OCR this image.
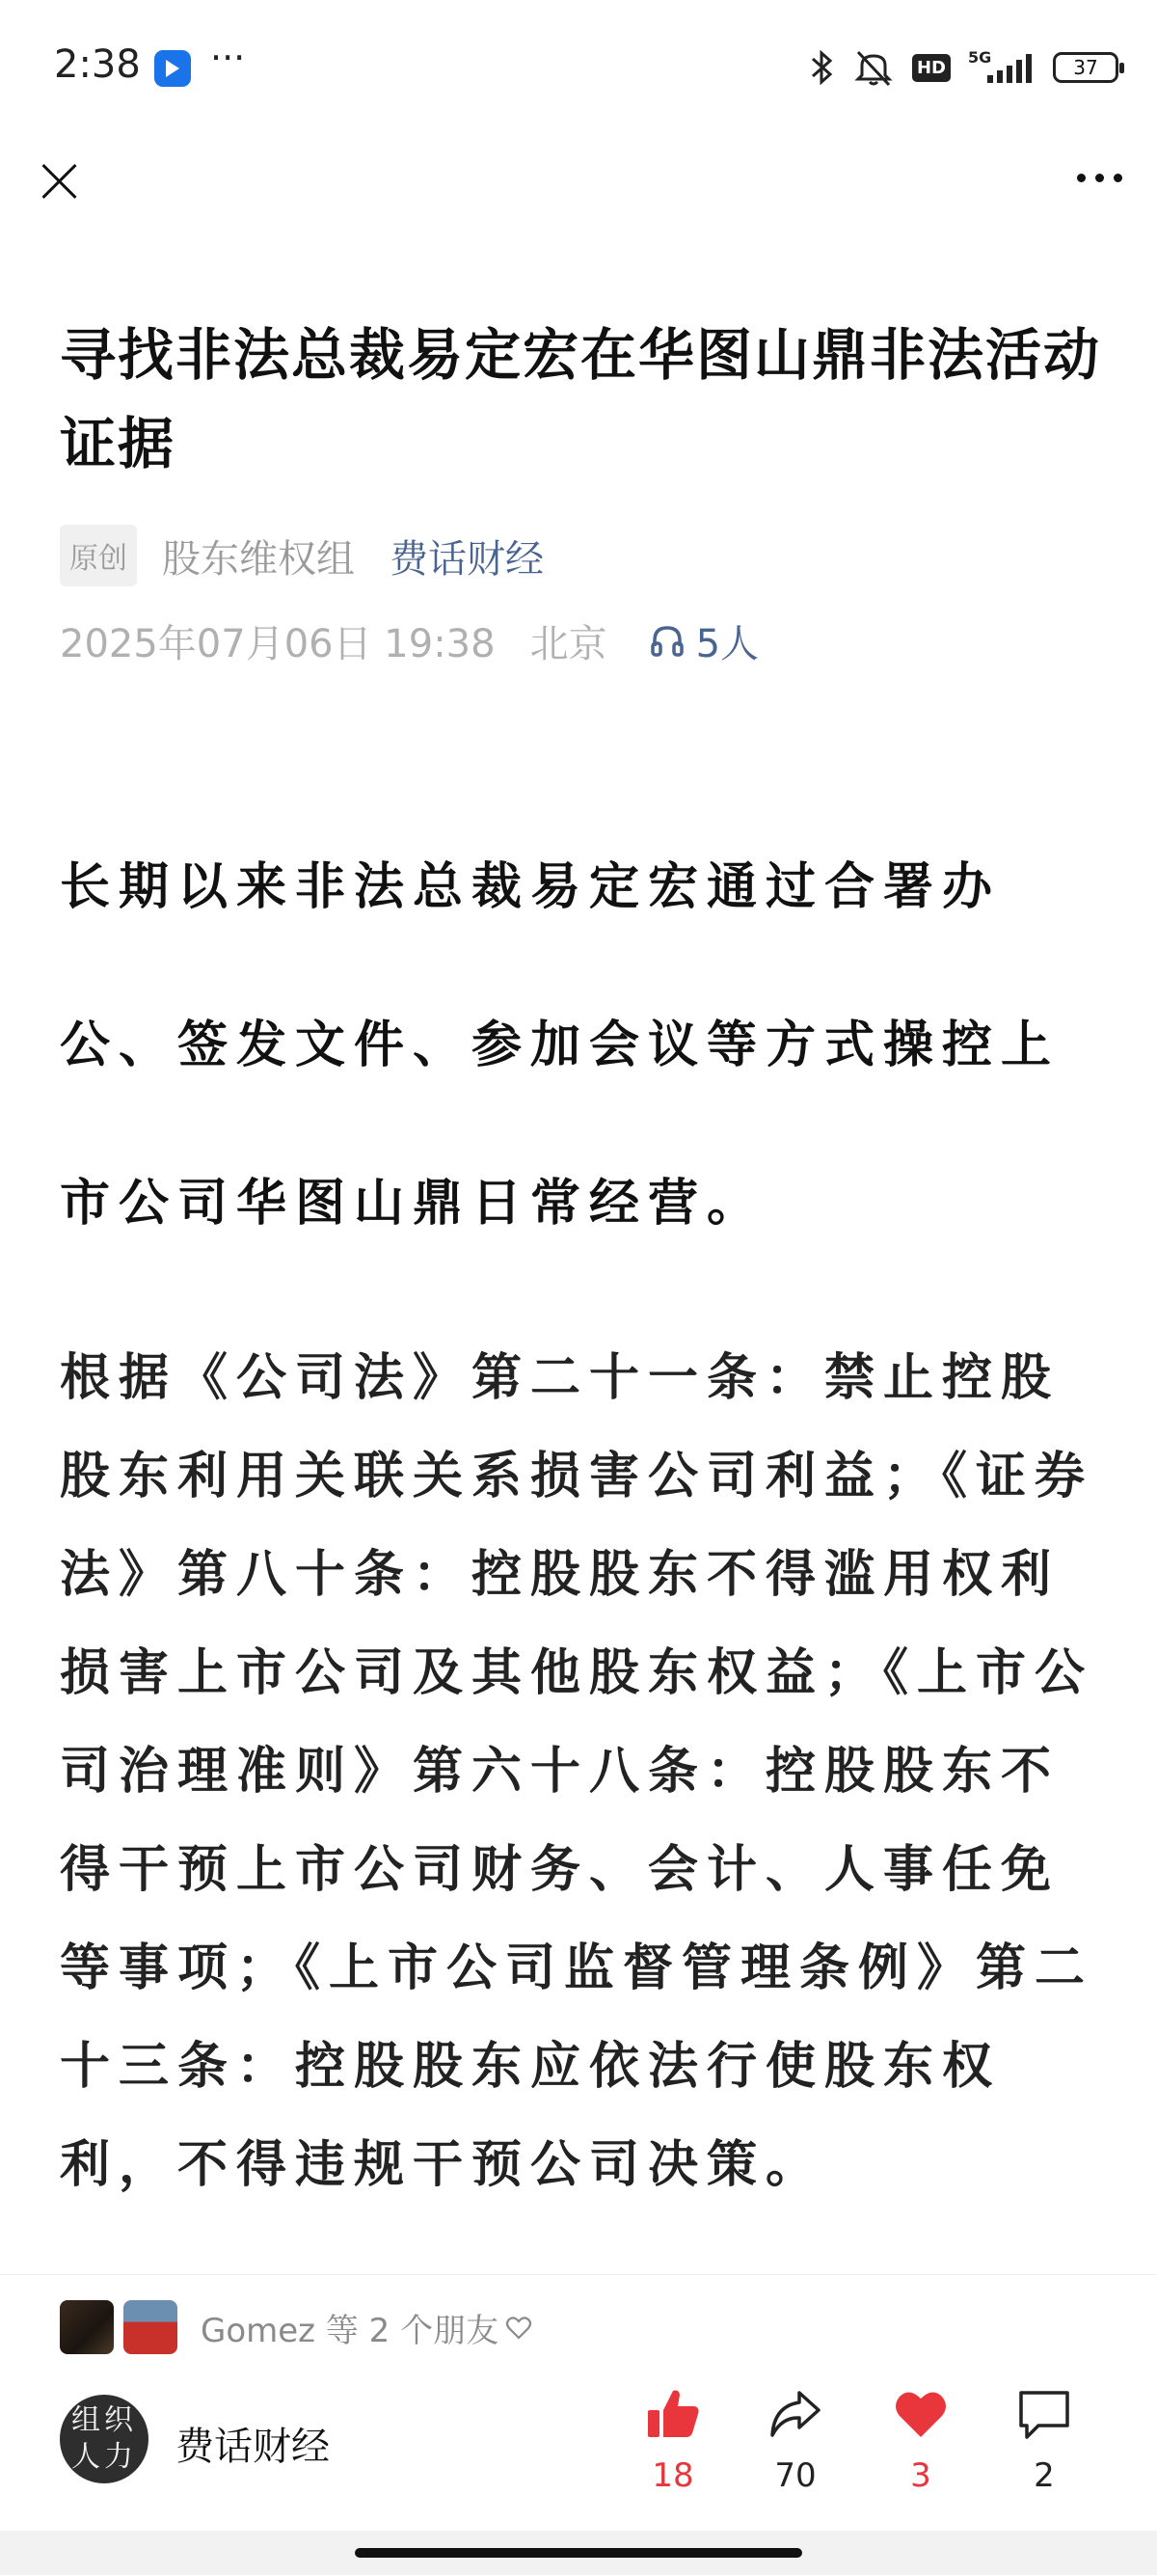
2:38 ···	HD	5G	37
寻找非法总裁易定宏在华图山鼎非法活动证据
原创 股东维权组 费话财经
2025年07月06日 19:38 北京 5人

长期以来非法总裁易定宏通过合署办公、签发文件、参加会议等方式操控上市公司华图山鼎日常经营。

根据《公司法》第二十一条：禁止控股股东利用关联关系损害公司利益；《证券法》第八十条：控股股东不得滥用权利损害上市公司及其他股东权益；《上市公司治理准则》第六十八条：控股股东不得干预上市公司财务、会计、人事任免等事项；《上市公司监督管理条例》第二十三条：控股股东应依法行使股东权利，不得违规干预公司决策。

Gomez 等 2 个朋友
组织人力 费话财经
18	70	3	2
